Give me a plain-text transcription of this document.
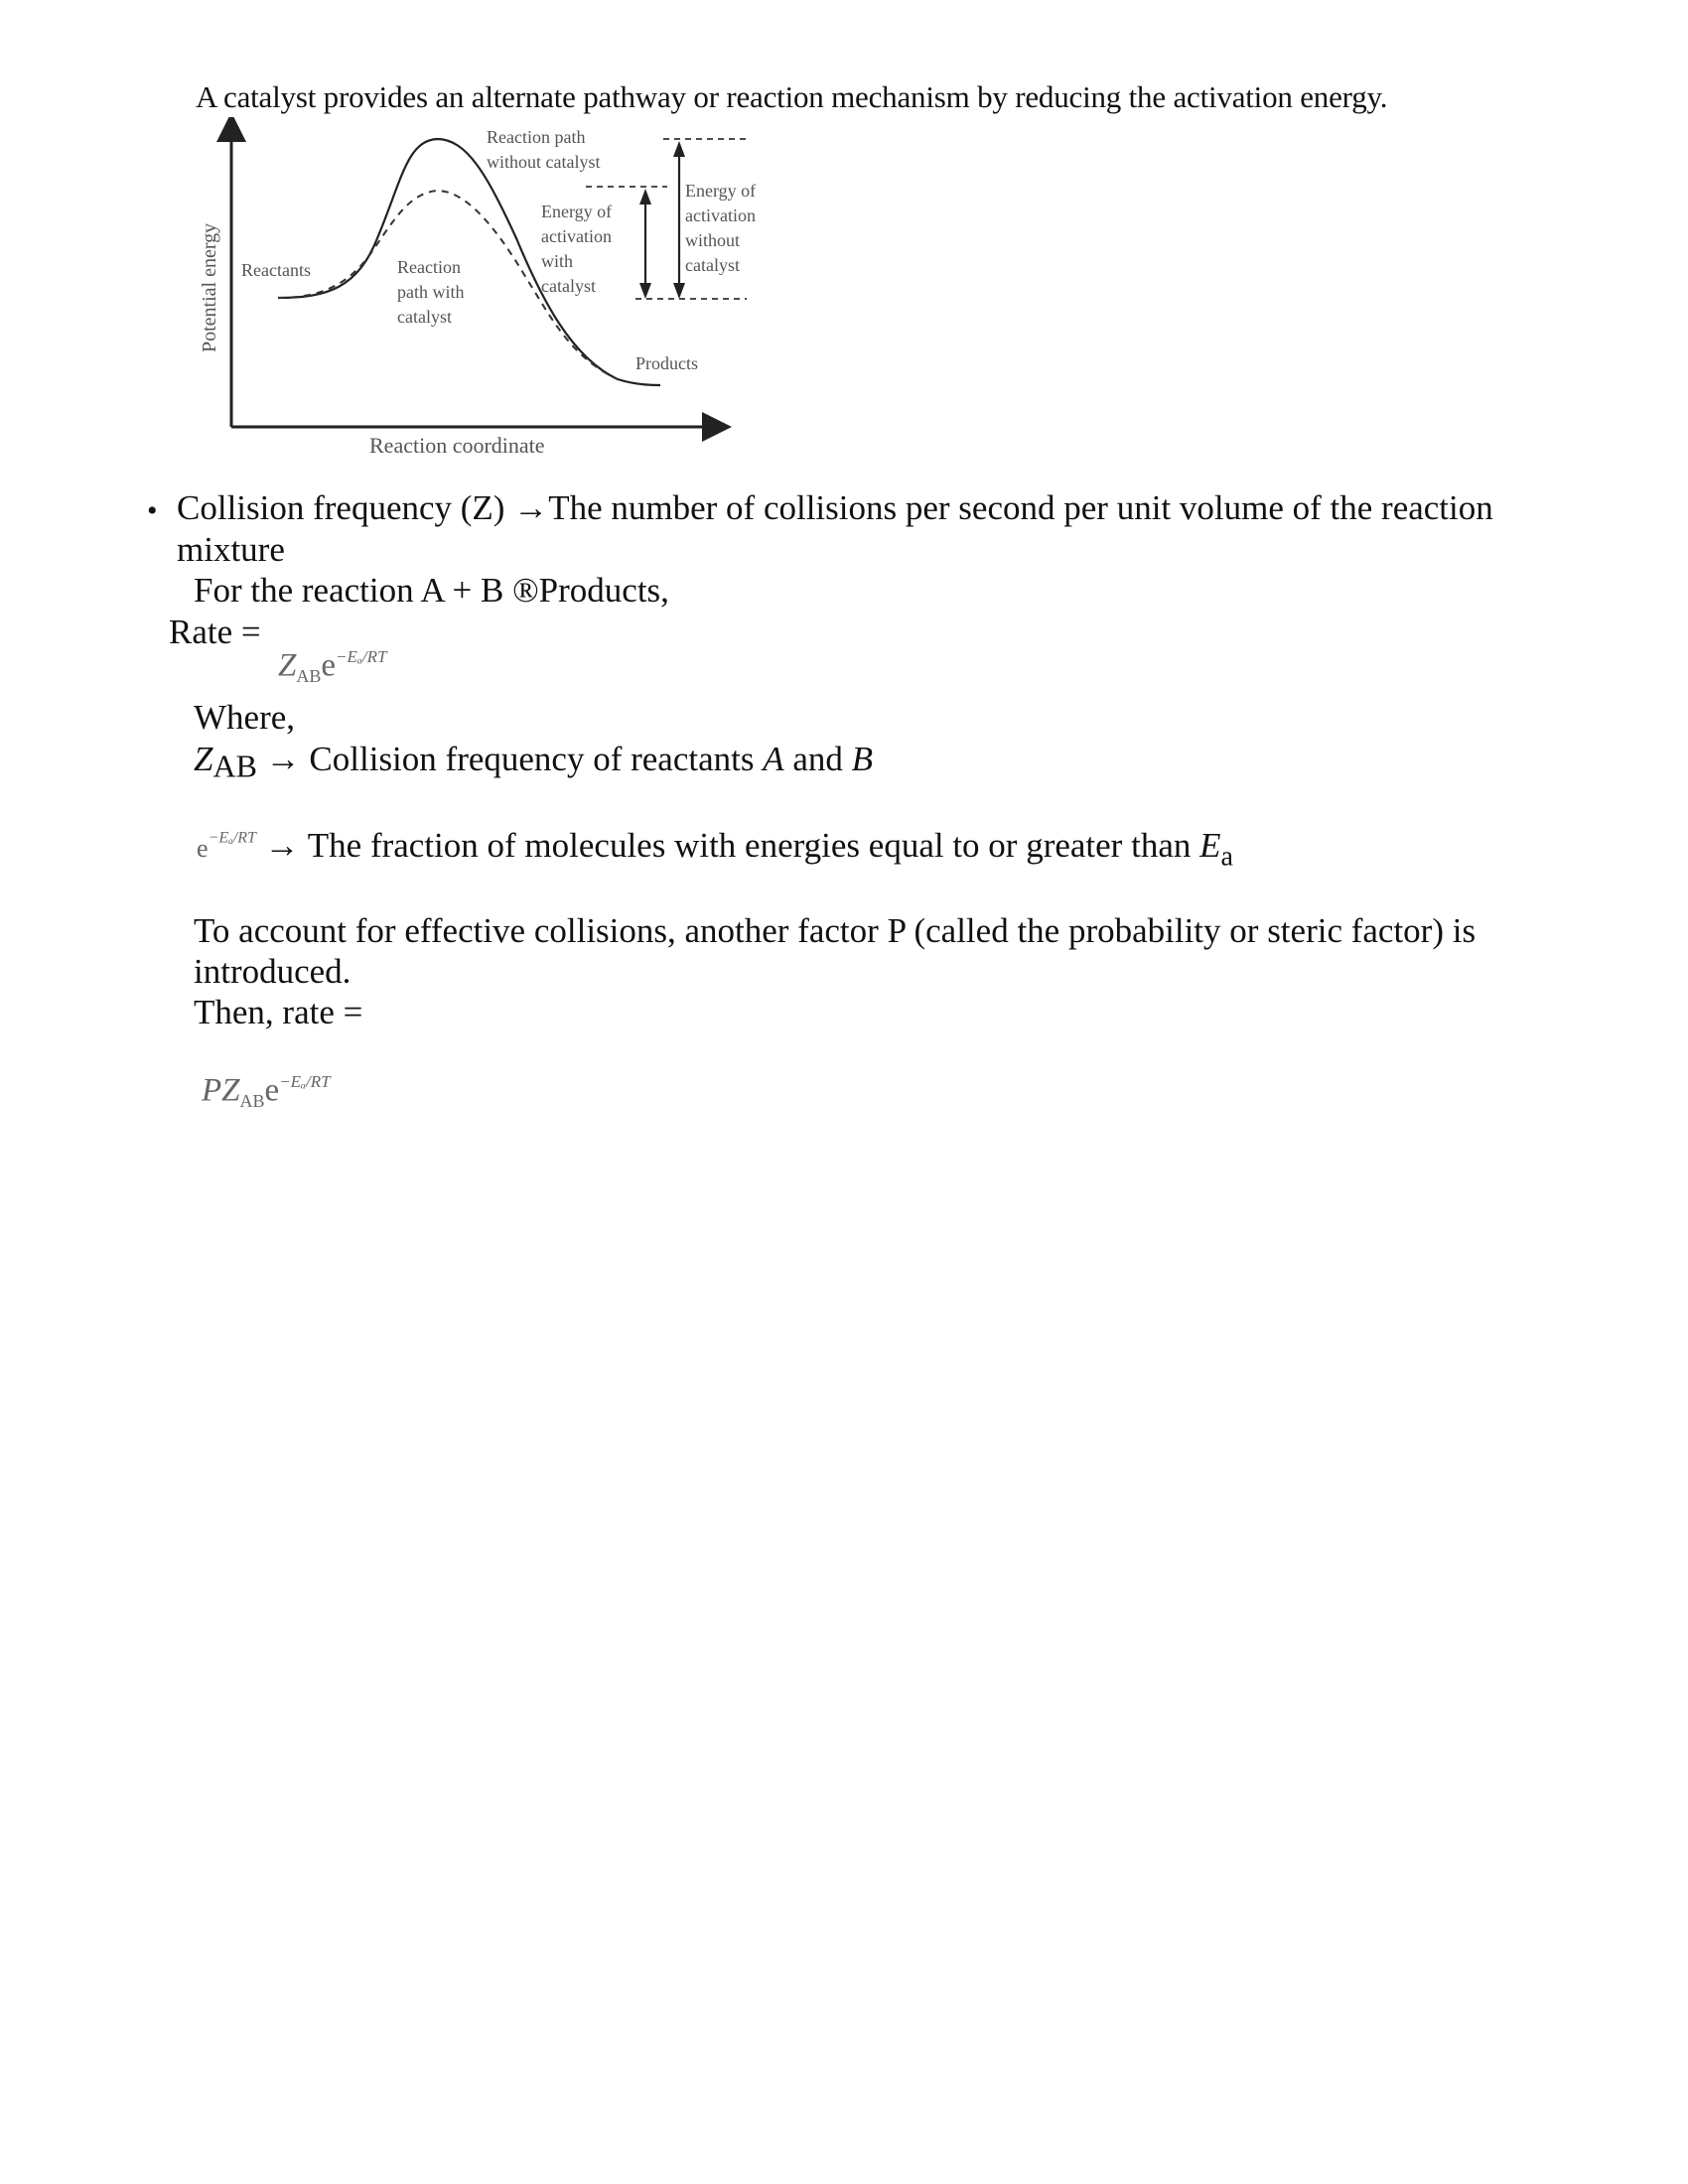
A catalyst provides an alternate pathway or reaction mechanism by reducing the activation energy.
Potential energy
Reaction coordinate
Reactants
Products
Reaction path
without catalyst
Reaction
path with
catalyst
Energy of
activation
with
catalyst
Energy of
activation
without
catalyst
• Collision frequency (Z) →The number of collisions per second per unit volume of the reaction
mixture
For the reaction A + B ®Products,
Rate =
$Z_{AB}e^{-E_a/RT}$
Where,
ZAB → Collision frequency of reactants A and B
$e^{-E_a/RT}$ → The fraction of molecules with energies equal to or greater than $E_a$
To account for effective collisions, another factor P (called the probability or steric factor) is
introduced.
Then, rate =
$PZ_{AB}e^{-E_a/RT}$
